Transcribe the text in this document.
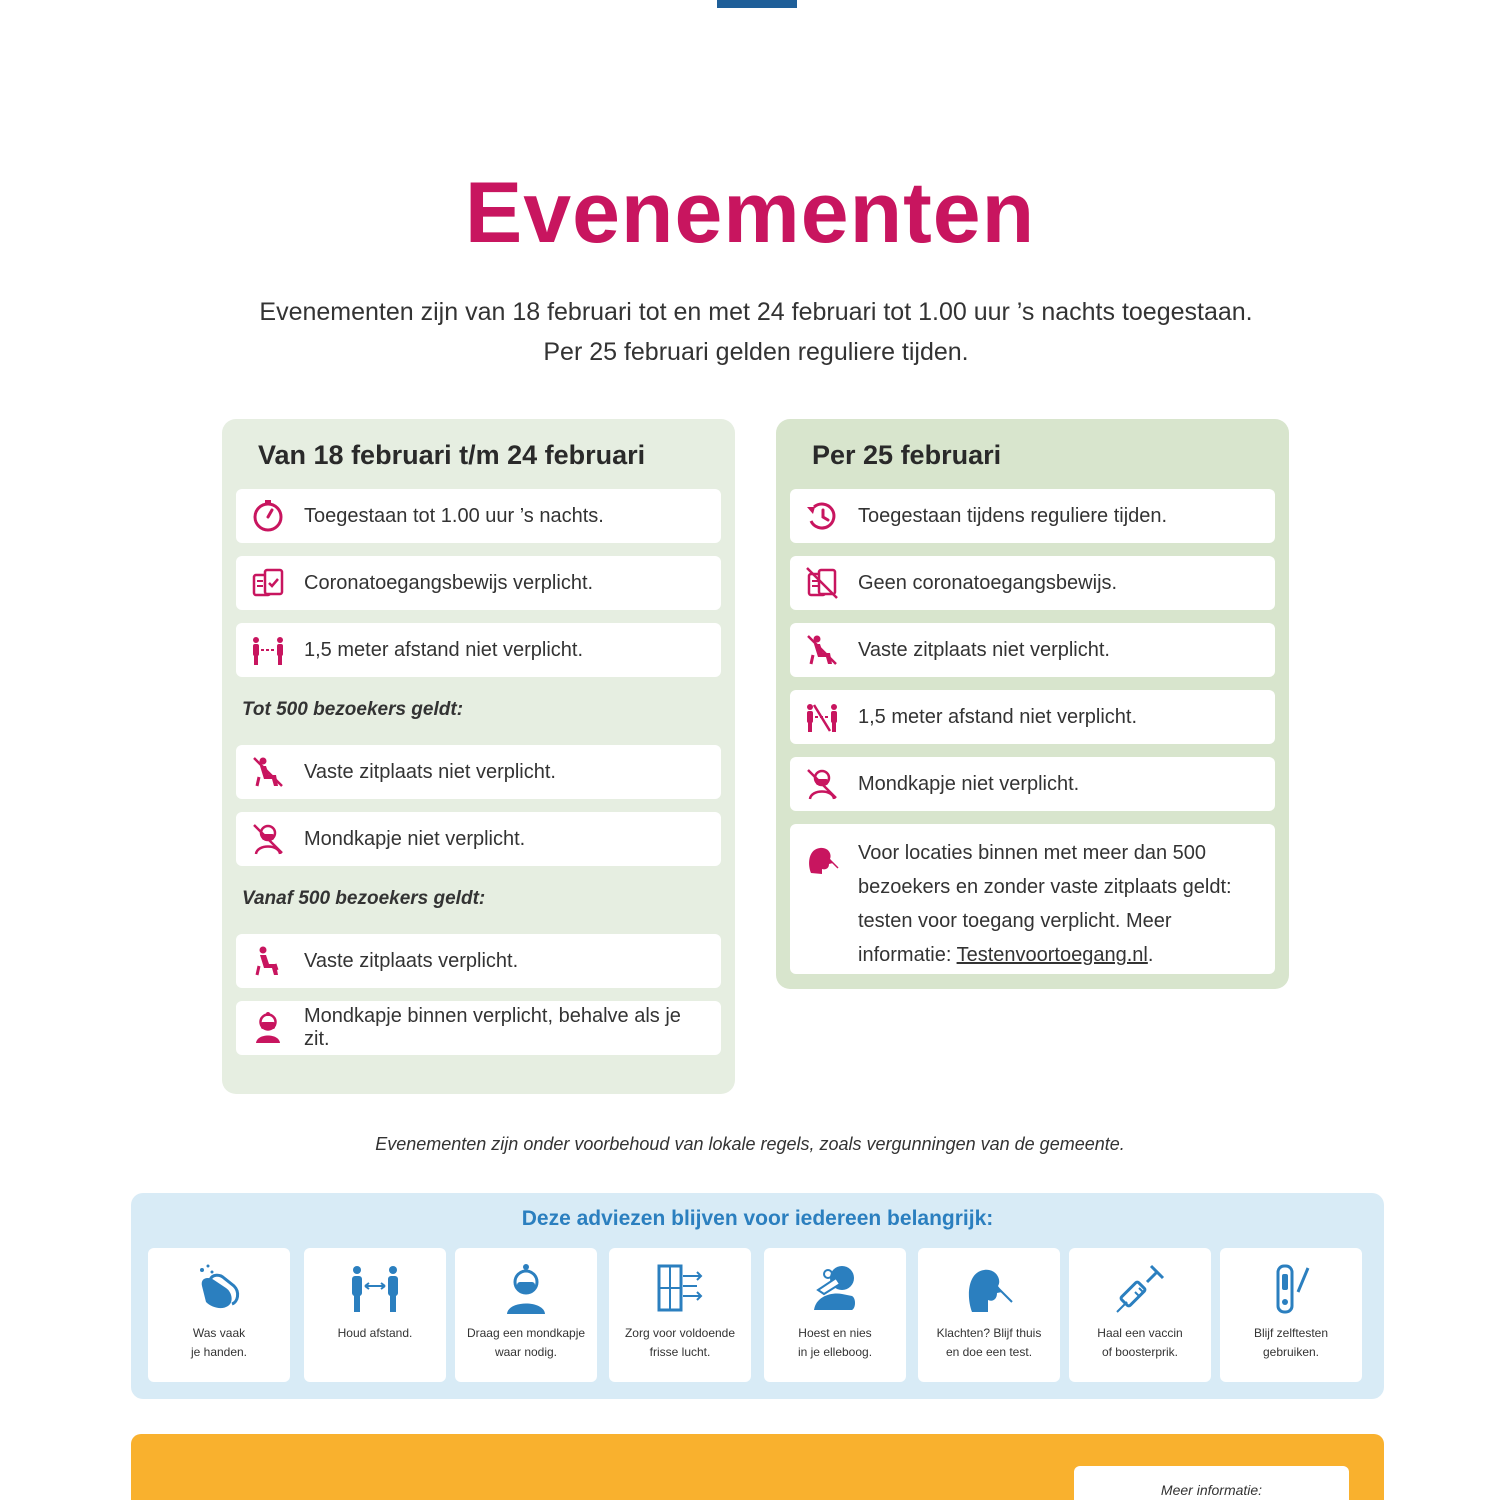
Evenementen
Evenementen zijn van 18 februari tot en met 24 februari tot 1.00 uur ’s nachts toegestaan.
Per 25 februari gelden reguliere tijden.
Van 18 februari t/m 24 februari
Toegestaan tot 1.00 uur ’s nachts.
Coronatoegangsbewijs verplicht.
1,5 meter afstand niet verplicht.
Tot 500 bezoekers geldt:
Vaste zitplaats niet verplicht.
Mondkapje niet verplicht.
Vanaf 500 bezoekers geldt:
Vaste zitplaats verplicht.
Mondkapje binnen verplicht, behalve als je zit.
Per 25 februari
Toegestaan tijdens reguliere tijden.
Geen coronatoegangsbewijs.
Vaste zitplaats niet verplicht.
1,5 meter afstand niet verplicht.
Mondkapje niet verplicht.
Voor locaties binnen met meer dan 500 bezoekers en zonder vaste zitplaats geldt: testen voor toegang verplicht. Meer informatie: Testenvoortoegang.nl.
Evenementen zijn onder voorbehoud van lokale regels, zoals vergunningen van de gemeente.
Deze adviezen blijven voor iedereen belangrijk:
Was vaak
je handen.
Houd afstand.	Draag een mondkapje
waar nodig.
Zorg voor voldoende
frisse lucht.
Hoest en nies
in je elleboog.
Klachten? Blijf thuis
en doe een test.
Haal een vaccin
of boosterprik.
Blijf zelftesten
gebruiken.
Meer informatie:
